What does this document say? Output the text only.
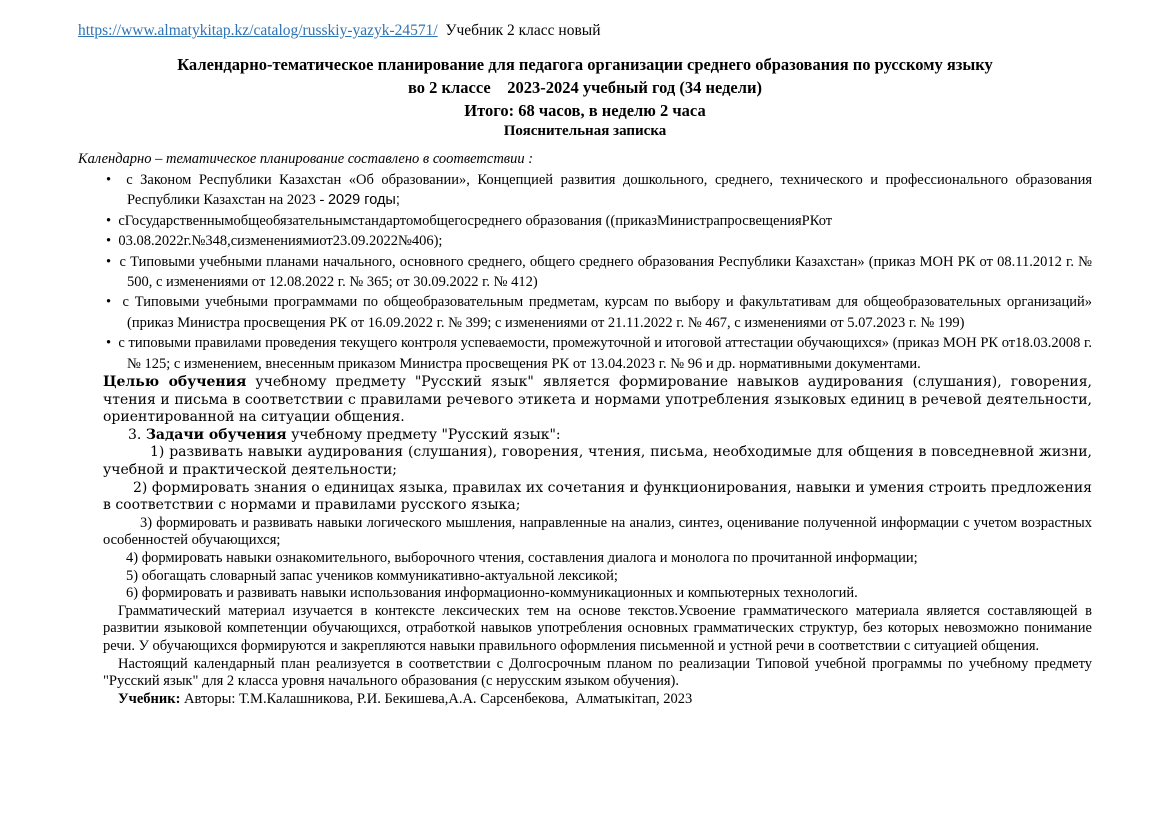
https://www.almatykitap.kz/catalog/russkiy-yazyk-24571/  Учебник 2 класс новый
Календарно-тематическое планирование для педагога организации среднего образования по русскому языку
во 2 классе    2023-2024 учебный год (34 недели)
Итого: 68 часов, в неделю 2 часа
Пояснительная записка
Календарно – тематическое планирование составлено в соответствии :
•  с Законом Республики Казахстан «Об образовании», Концепцией развития дошкольного, среднего, технического и профессионального образования Республики Казахстан на 2023 - 2029 годы;
•  сГосударственнымобщеобязательнымстандартомобщегосреднего образования ((приказМинистрапросвещенияРКот
•  03.08.2022г.№348,сизменениямиот23.09.2022№406);
•  с Типовыми учебными планами начального, основного среднего, общего среднего образования Республики Казахстан» (приказ МОН РК от 08.11.2012 г. № 500, с изменениями от 12.08.2022 г. № 365; от 30.09.2022 г. № 412)
•  с Типовыми учебными программами по общеобразовательным предметам, курсам по выбору и факультативам для общеобразовательных организаций» (приказ Министра просвещения РК от 16.09.2022 г. № 399; с изменениями от 21.11.2022 г. № 467, с изменениями от 5.07.2023 г. № 199)
•  с типовыми правилами проведения текущего контроля успеваемости, промежуточной и итоговой аттестации обучающихся» (приказ МОН РК от18.03.2008 г. № 125; с изменением, внесенным приказом Министра просвещения РК от 13.04.2023 г. № 96 и др. нормативными документами.

Целью обучения учебному предмету "Русский язык" является формирование навыков аудирования (слушания), говорения, чтения и письма в соответствии с правилами речевого этикета и нормами употребления языковых единиц в речевой деятельности, ориентированной на ситуации общения.

3. Задачи обучения учебному предмету "Русский язык":

1) развивать навыки аудирования (слушания), говорения, чтения, письма, необходимые для общения в повседневной жизни, учебной и практической деятельности;

2) формировать знания о единицах языка, правилах их сочетания и функционирования, навыки и умения строить предложения в соответствии с нормами и правилами русского языка;

3) формировать и развивать навыки логического мышления, направленные на анализ, синтез, оценивание полученной информации с учетом возрастных особенностей обучающихся;

4) формировать навыки ознакомительного, выборочного чтения, составления диалога и монолога по прочитанной информации;

5) обогащать словарный запас учеников коммуникативно-актуальной лексикой;

6) формировать и развивать навыки использования информационно-коммуникационных и компьютерных технологий.

Грамматический материал изучается в контексте лексических тем на основе текстов.Усвоение грамматического материала является составляющей в развитии языковой компетенции обучающихся, отработкой навыков употребления основных грамматических структур, без которых невозможно понимание речи. У обучающихся формируются и закрепляются навыки правильного оформления письменной и устной речи в соответствии с ситуацией общения.

Настоящий календарный план реализуется в соответствии с Долгосрочным планом по реализации Типовой учебной программы по учебному предмету "Русский язык" для 2 класса уровня начального образования (с нерусским языком обучения).

Учебник: Авторы: Т.М.Калашникова, Р.И. Бекишева,А.А. Сарсенбекова,  Алматыкітап, 2023
